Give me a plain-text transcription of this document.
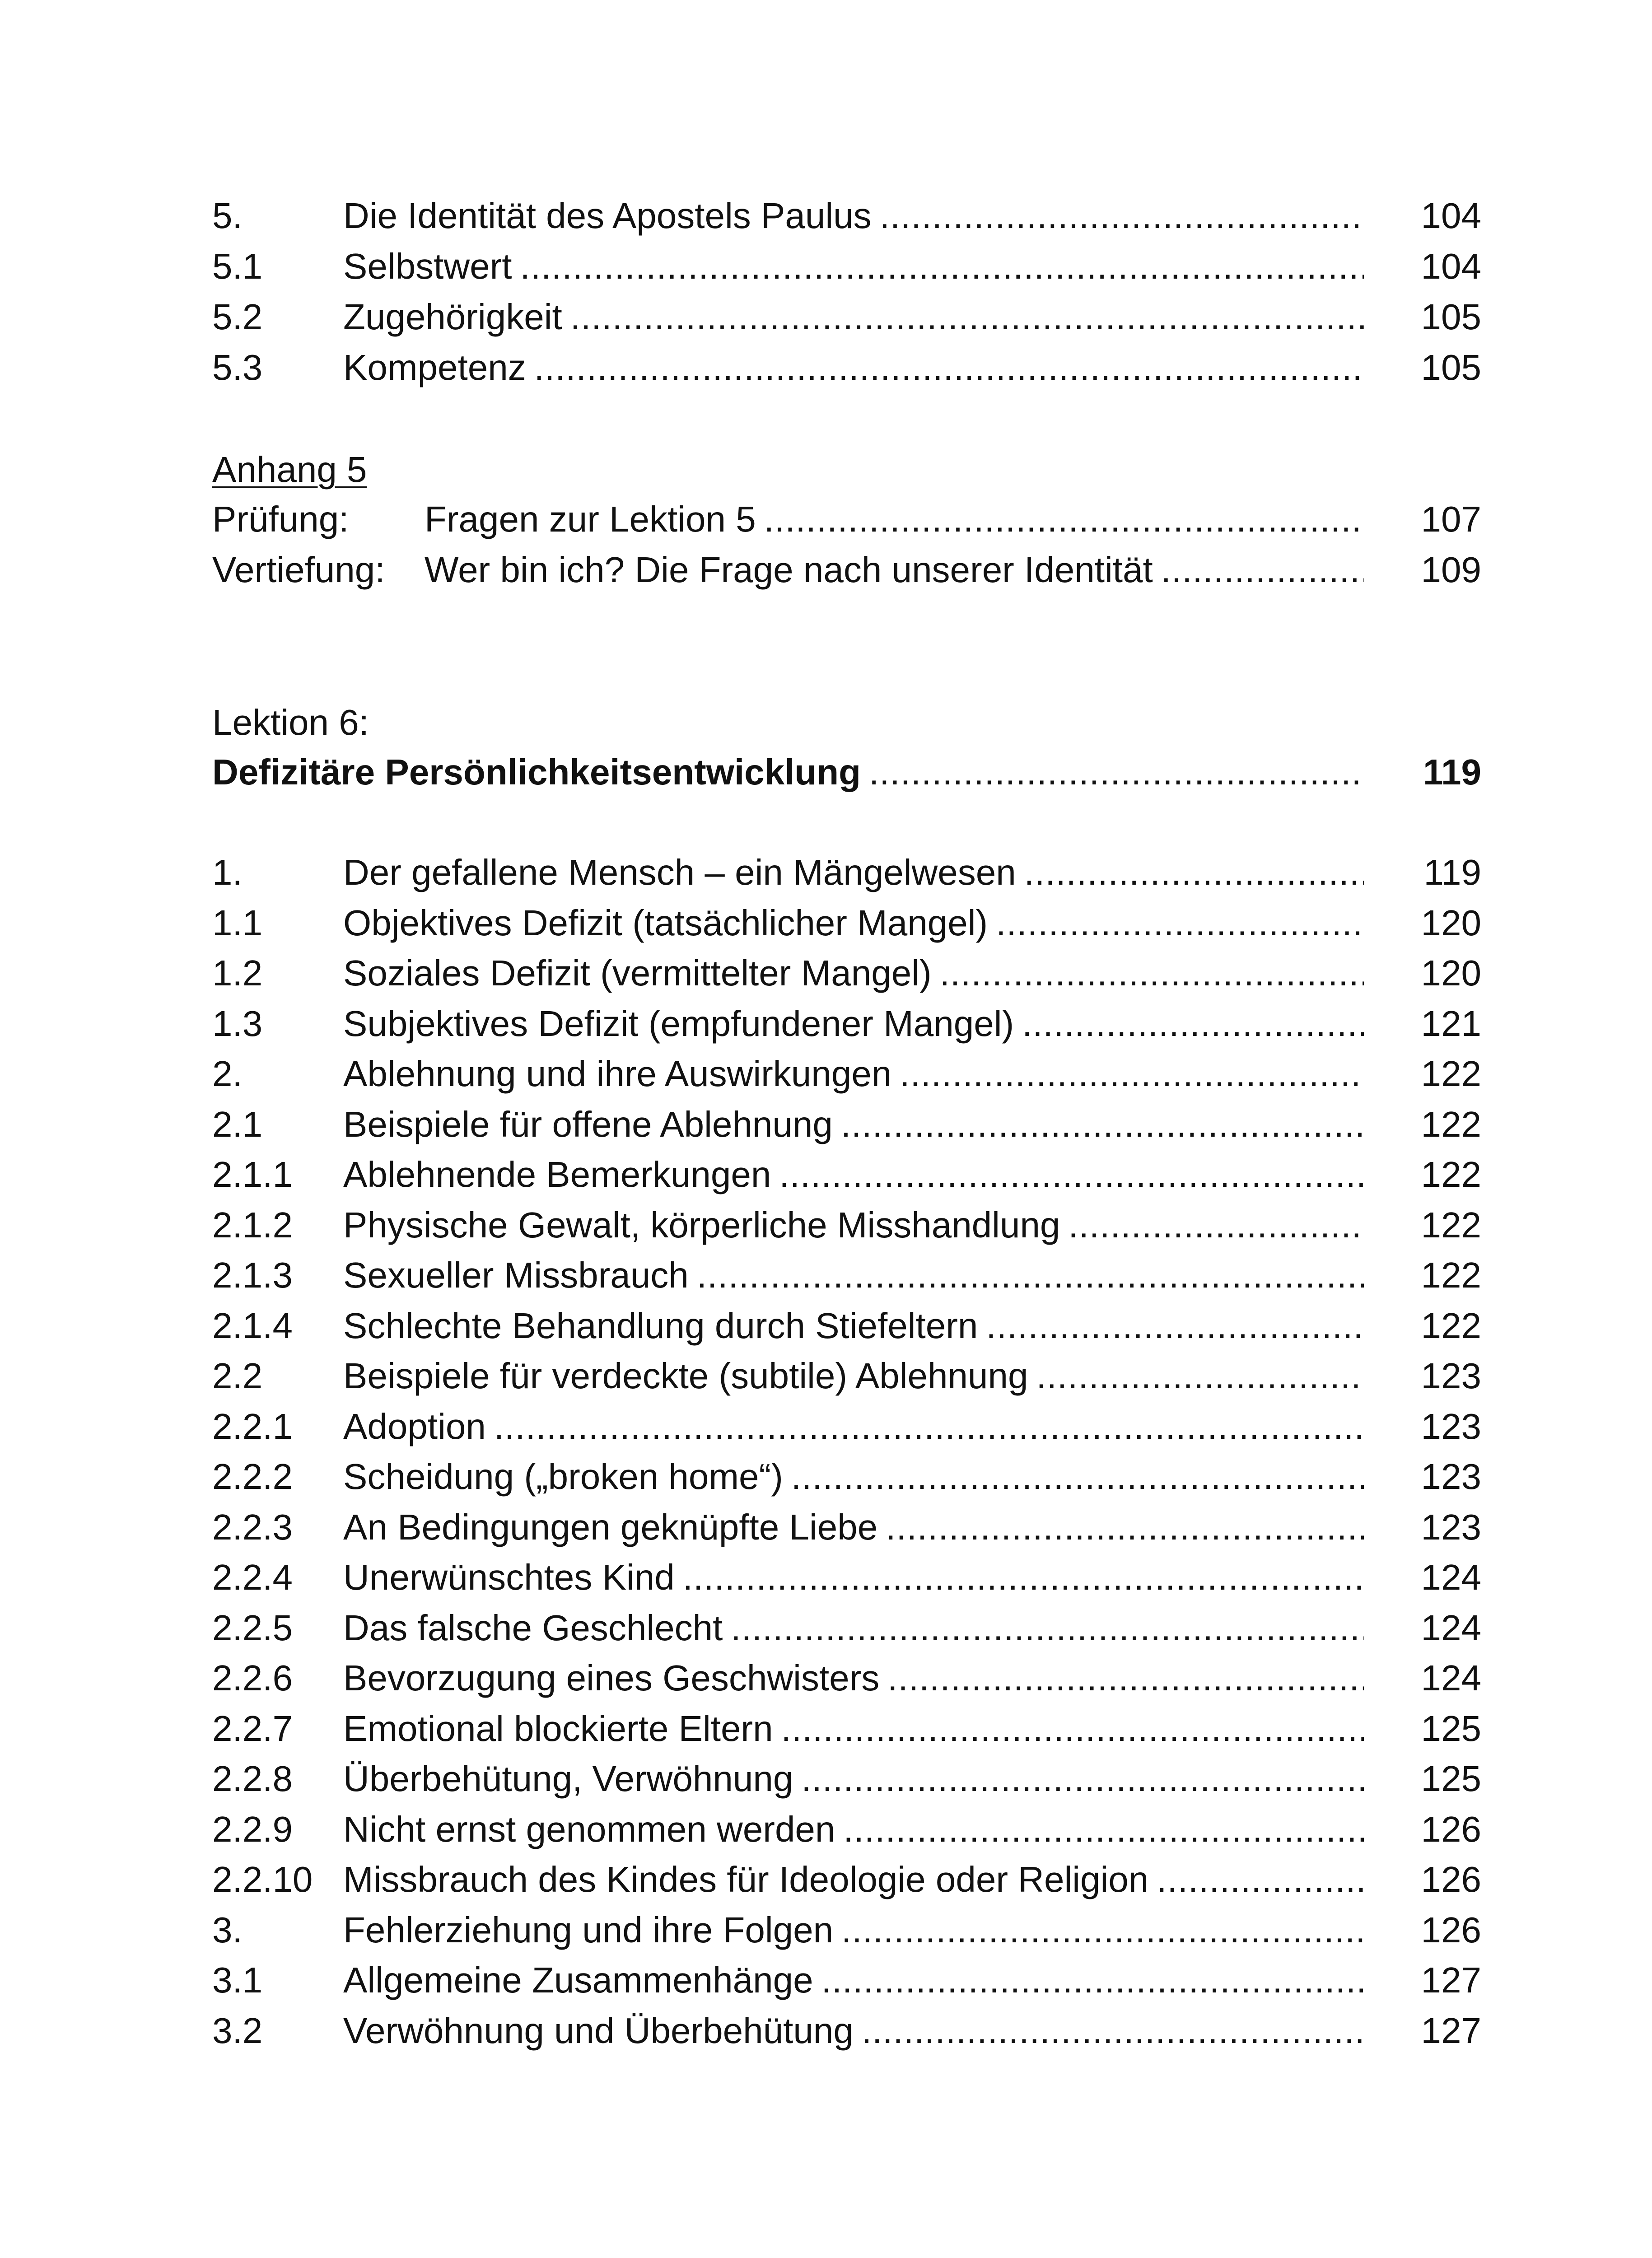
5.	Die Identität des Apostels Paulus .....	104
5.1	Selbstwert .....	104
5.2	Zugehörigkeit .....	105
5.3	Kompetenz .....	105
Anhang 5
Prüfung:	Fragen zur Lektion 5 .....	107
Vertiefung:	Wer bin ich? Die Frage nach unserer Identität .....	109
Lektion 6:
Defizitäre Persönlichkeitsentwicklung .....	119
1.	Der gefallene Mensch – ein Mängelwesen .....	119
1.1	Objektives Defizit (tatsächlicher Mangel) .....	120
1.2	Soziales Defizit (vermittelter Mangel) .....	120
1.3	Subjektives Defizit (empfundener Mangel) .....	121
2.	Ablehnung und ihre Auswirkungen .....	122
2.1	Beispiele für offene Ablehnung .....	122
2.1.1	Ablehnende Bemerkungen .....	122
2.1.2	Physische Gewalt, körperliche Misshandlung .....	122
2.1.3	Sexueller Missbrauch .....	122
2.1.4	Schlechte Behandlung durch Stiefeltern .....	122
2.2	Beispiele für verdeckte (subtile) Ablehnung .....	123
2.2.1	Adoption .....	123
2.2.2	Scheidung („broken home“) .....	123
2.2.3	An Bedingungen geknüpfte Liebe .....	123
2.2.4	Unerwünschtes Kind .....	124
2.2.5	Das falsche Geschlecht .....	124
2.2.6	Bevorzugung eines Geschwisters .....	124
2.2.7	Emotional blockierte Eltern .....	125
2.2.8	Überbehütung, Verwöhnung .....	125
2.2.9	Nicht ernst genommen werden .....	126
2.2.10 Missbrauch des Kindes für Ideologie oder Religion .....	126
3.	Fehlerziehung und ihre Folgen .....	126
3.1	Allgemeine Zusammenhänge .....	127
3.2	Verwöhnung und Überbehütung .....	127
